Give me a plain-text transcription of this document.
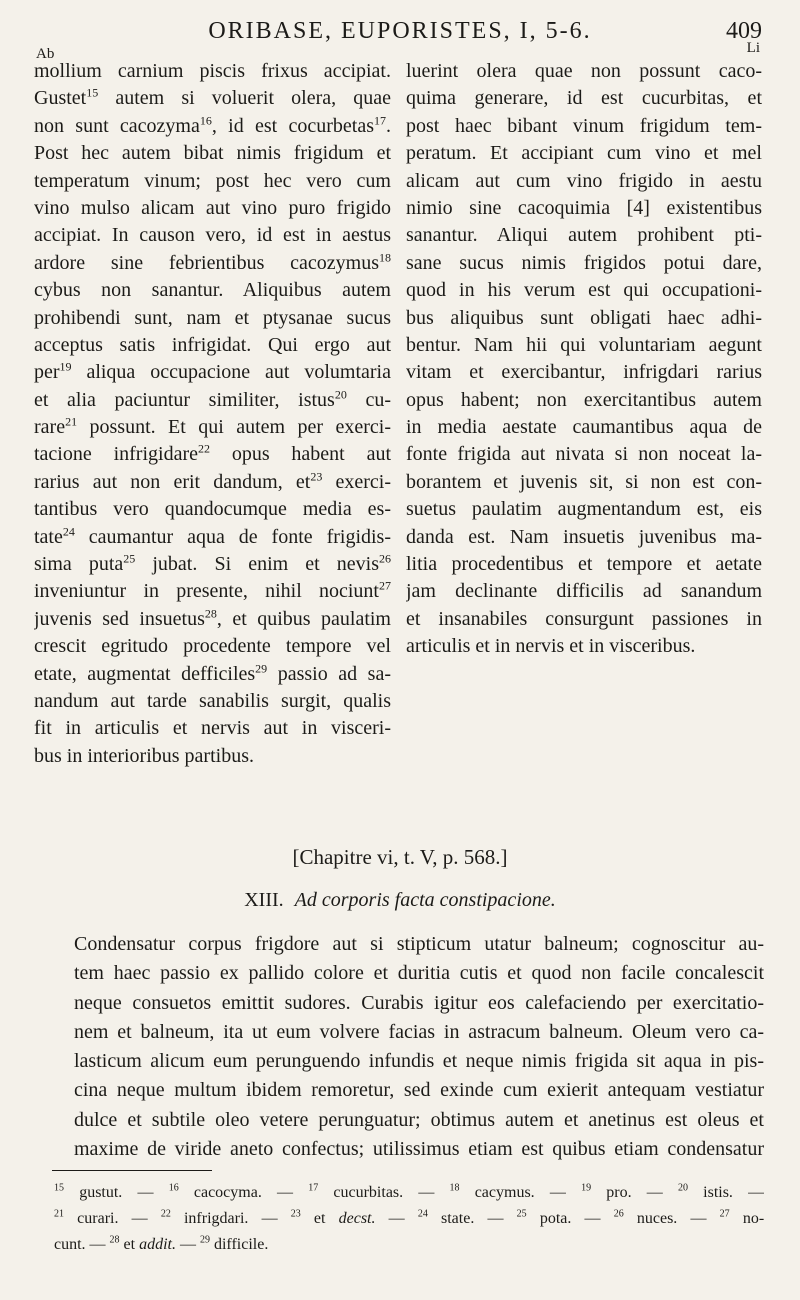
ORIBASE, EUPORISTES, I, 5-6.	409
Ab	Li
mollium carnium piscis frixus accipiat.
Gustet$^{15}$ autem si voluerit olera, quae
non sunt cacozyma$^{16}$, id est cocurbetas$^{17}$.
Post hec autem bibat nimis frigidum et
temperatum vinum; post hec vero cum
vino mulso alicam aut vino puro frigido
accipiat. In causon vero, id est in aestus
ardore sine febrientibus cacozymus$^{18}$
cybus non sanantur. Aliquibus autem
prohibendi sunt, nam et ptysanae sucus
acceptus satis infrigidat. Qui ergo aut
per$^{19}$ aliqua occupacione aut volumtaria
et alia paciuntur similiter, istus$^{20}$ cu-
rare$^{21}$ possunt. Et qui autem per exerci-
tacione infrigidare$^{22}$ opus habent aut
rarius aut non erit dandum, $et^{23}$ exerci-
tantibus vero quandocumque media es-
tate$^{24}$ caumantur aqua de fonte frigidis-
sima puta$^{25}$ jubat. Si enim et nevis$^{26}$
inveniuntur in presente, nihil nociunt$^{27}$
juvenis sed insuetus$^{28}$, et quibus paulatim
crescit egritudo procedente tempore vel
etate, augmentat defficiles$^{29}$ passio ad sa-
nandum aut tarde sanabilis surgit, qualis
fit in articulis et nervis aut in visceri-
bus in interioribus partibus.
luerint olera quae non possunt caco-
quima generare, id est cucurbitas, et
post haec bibant vinum frigidum tem-
peratum. Et accipiant cum vino et mel
alicam aut cum vino frigido in aestu
nimio sine cacoquimia [4] existentibus
sanantur. Aliqui autem prohibent pti-
sane sucus nimis frigidos potui dare,
quod in his verum est qui occupationi-
bus aliquibus sunt obligati haec adhi-
bentur. Nam hii qui voluntariam aegunt
vitam et exercibantur, infrigdari rarius
opus habent; non exercitantibus autem
in media aestate caumantibus aqua de
fonte frigida aut nivata si non noceat la-
borantem et juvenis sit, si non est con-
suetus paulatim augmentandum est, eis
danda est. Nam insuetis juvenibus ma-
litia procedentibus et tempore et aetate
jam declinante difficilis ad sanandum
et insanabiles consurgunt passiones in
articulis et in nervis et in visceribus.
[Chapitre vi, t. V, p. 568.]
XIII. Ad corporis facta constipacione.
Condensatur corpus frigdore aut si stipticum utatur balneum; cognoscitur au-
tem haec passio ex pallido colore et duritia cutis et quod non facile concalescit
neque consuetos emittit sudores. Curabis igitur eos calefaciendo per exercitatio-
nem et balneum, ita ut eum volvere facias in astracum balneum. Oleum vero ca-
lasticum alicum eum perunguendo infundis et neque nimis frigida sit aqua in pis-
cina neque multum ibidem remoretur, sed exinde cum exierit antequam vestiatur
dulce et subtile oleo vetere perunguatur; obtimus autem et anetinus est oleus et
maxime de viride aneto confectus; utilissimus etiam est quibus etiam condensatur
$^{15}$ gustut. — $^{16}$ cacocyma. — $^{17}$ cucurbitas. — $^{18}$ cacymus. — $^{19}$ pro. — $^{20}$ istis. —
$^{21}$ curari. — $^{22}$ infrigdari. — $^{23}$ et decst. — $^{24}$ state. — $^{25}$ pota. — $^{26}$ nuces. — $^{27}$ no-
cunt. — $^{28}$ et addit. — $^{29}$ difficile.
